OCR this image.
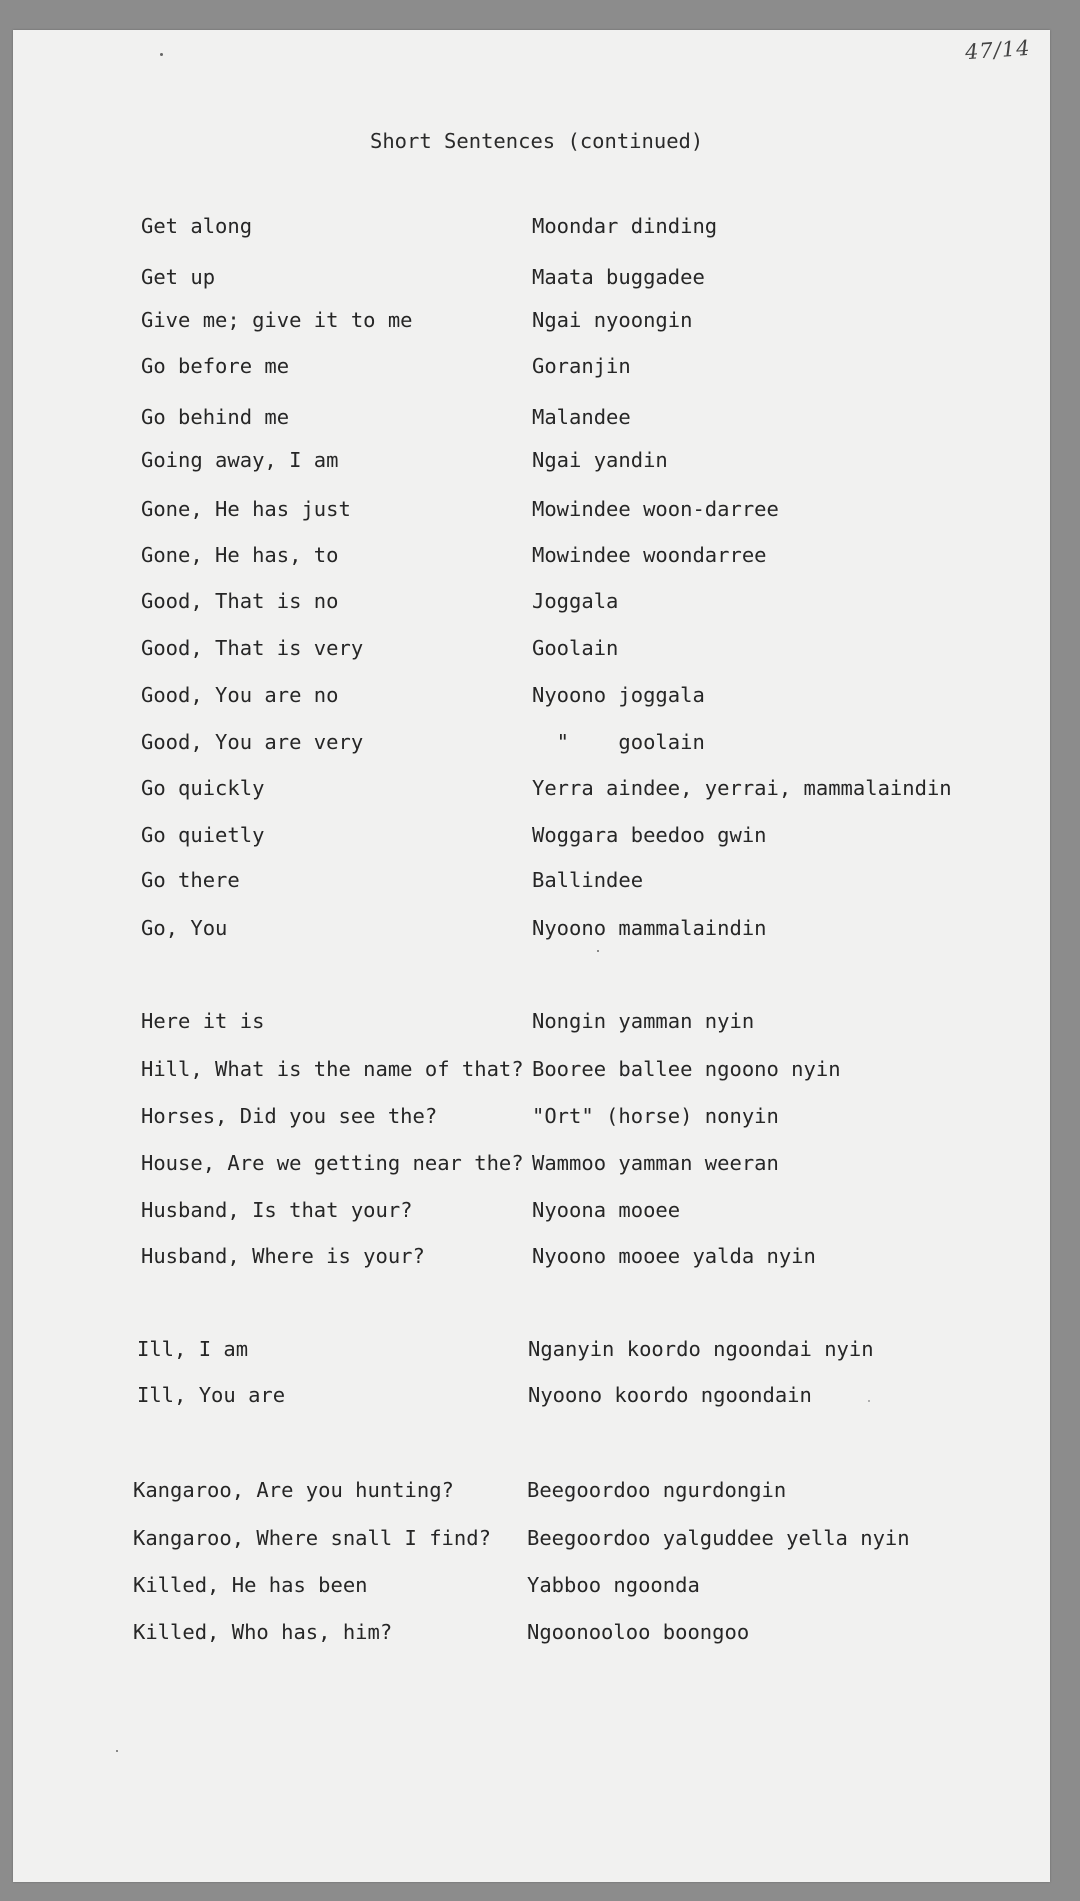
47/14
Short Sentences (continued)
Get along	Moondar dinding
Get up	Maata buggadee
Give me; give it to me	Ngai nyoongin
Go before me	Goranjin
Go behind me	Malandee
Going away, I am	Ngai yandin
Gone, He has just	Mowindee woon-darree
Gone, He has, to	Mowindee woondarree
Good, That is no	Joggala
Good, That is very	Goolain
Good, You are no	Nyoono joggala
Good, You are very	"    goolain
Go quickly	Yerra aindee, yerrai, mammalaindin
Go quietly	Woggara beedoo gwin
Go there	Ballindee
Go, You	Nyoono mammalaindin
Here it is	Nongin yamman nyin
Hill, What is the name of that? Booree ballee ngoono nyin
Horses, Did you see the?	"Ort" (horse) nonyin
House, Are we getting near the? Wammoo yamman weeran
Husband, Is that your?	Nyoona mooee
Husband, Where is your?	Nyoono mooee yalda nyin
Ill, I am	Nganyin koordo ngoondai nyin
Ill, You are	Nyoono koordo ngoondain
Kangaroo, Are you hunting?	Beegoordoo ngurdongin
Kangaroo, Where snall I find? Beegoordoo yalguddee yella nyin
Killed, He has been	Yabboo ngoonda
Killed, Who has, him?	Ngoonooloo boongoo
